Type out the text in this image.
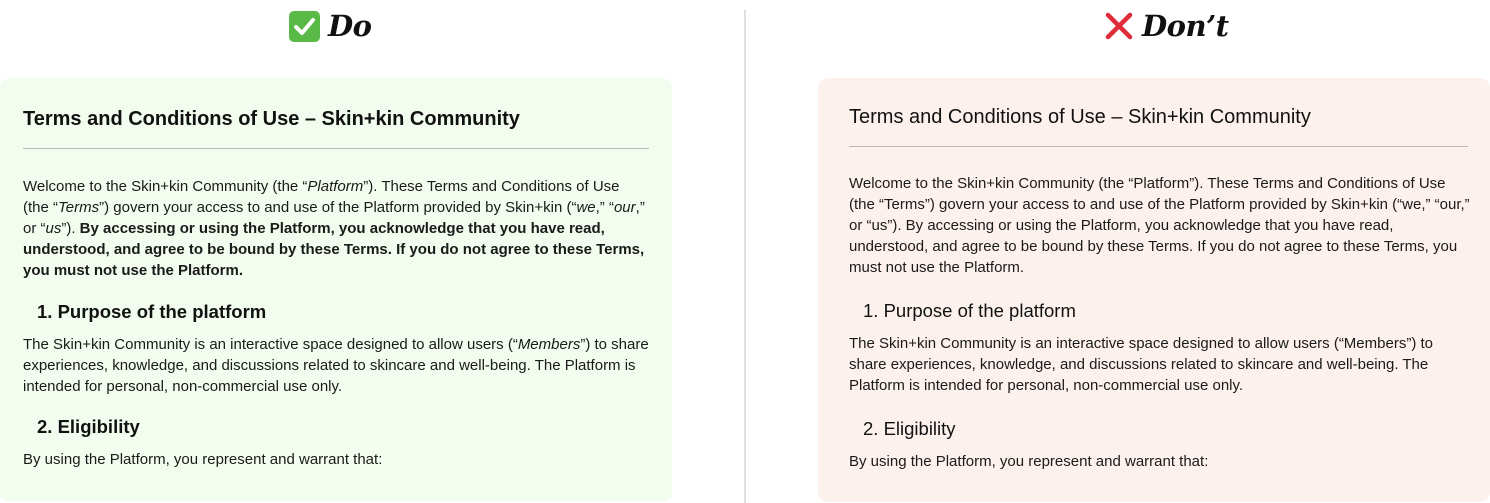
Do	Don’t
Terms and Conditions of Use – Skin+kin Community

Welcome to the Skin+kin Community (the “Platform”). These Terms and Conditions of Use (the “Terms”) govern your access to and use of the Platform provided by Skin+kin (“we,” “our,” or “us”). By accessing or using the Platform, you acknowledge that you have read, understood, and agree to be bound by these Terms. If you do not agree to these Terms, you must not use the Platform.

1. Purpose of the platform

The Skin+kin Community is an interactive space designed to allow users (“Members”) to share experiences, knowledge, and discussions related to skincare and well-being. The Platform is intended for personal, non-commercial use only.

2. Eligibility

By using the Platform, you represent and warrant that:

Terms and Conditions of Use – Skin+kin Community

Welcome to the Skin+kin Community (the “Platform”). These Terms and Conditions of Use (the “Terms”) govern your access to and use of the Platform provided by Skin+kin (“we,” “our,” or “us”). By accessing or using the Platform, you acknowledge that you have read, understood, and agree to be bound by these Terms. If you do not agree to these Terms, you must not use the Platform.

1. Purpose of the platform

The Skin+kin Community is an interactive space designed to allow users (“Members”) to share experiences, knowledge, and discussions related to skincare and well-being. The Platform is intended for personal, non-commercial use only.

2. Eligibility

By using the Platform, you represent and warrant that:
